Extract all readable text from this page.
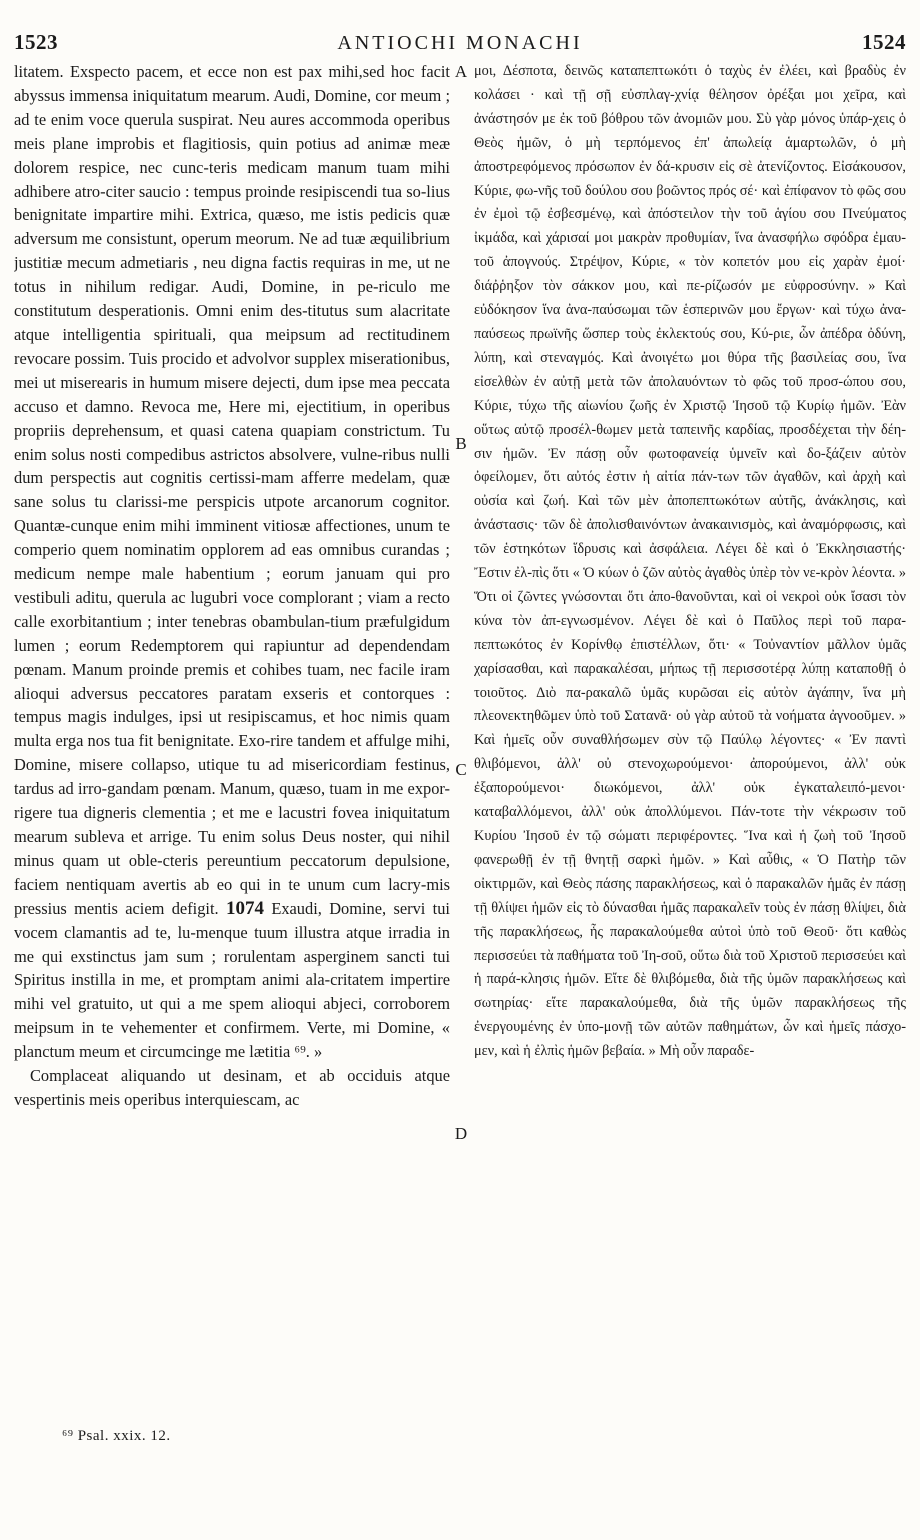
1523	ANTIOCHI MONACHI	1524

litatem. Exspecto pacem, et ecce non est pax mihi,sed hoc facit abyssus immensa iniquitatum mearum. Audi, Domine, cor meum ; ad te enim voce querula suspirat. Neu aures accommoda operibus meis plane improbis et flagitiosis, quin potius ad animæ meæ dolorem respice, nec cunc-teris medicam manum tuam mihi adhibere atro-citer saucio : tempus proinde resipiscendi tua so-lius benignitate impartire mihi. Extrica, quæso, me istis pedicis quæ adversum me consistunt, operum meorum. Ne ad tuæ æquilibrium justitiæ mecum admetiaris , neu digna factis requiras in me, ut ne totus in nihilum redigar. Audi, Domine, in pe-riculo me constitutum desperationis. Omni enim des-titutus sum alacritate atque intelligentia spirituali, qua meipsum ad rectitudinem revocare possim. Tuis procido et advolvor supplex miserationibus, mei ut miserearis in humum misere dejecti, dum ipse mea peccata accuso et damno. Revoca me, Here mi, ejectitium, in operibus propriis deprehensum, et quasi catena quapiam constrictum. Tu enim solus nosti compedibus astrictos absolvere, vulne-ribus nulli dum perspectis aut cognitis certissi-mam afferre medelam, quæ sane solus tu clarissi-me perspicis utpote arcanorum cognitor. Quantæ-cunque enim mihi imminent vitiosæ affectiones, unum te comperio quem nominatim opplorem ad eas omnibus curandas ; medicum nempe male habentium ; eorum januam qui pro vestibuli aditu, querula ac lugubri voce complorant ; viam a recto calle exorbitantium ; inter tenebras obambulan-tium præfulgidum lumen ; eorum Redemptorem qui rapiuntur ad dependendam pœnam. Manum proinde premis et cohibes tuam, nec facile iram alioqui adversus peccatores paratam exseris et contorques : tempus magis indulges, ipsi ut resipiscamus, et hoc nimis quam multa erga nos tua fit benignitate. Exo-rire tandem et affulge mihi, Domine, misere collapso, utique tu ad misericordiam festinus, tardus ad irro-gandam pœnam. Manum, quæso, tuam in me expor-rigere tua digneris clementia ; et me e lacustri fovea iniquitatum mearum subleva et arrige. Tu enim solus Deus noster, qui nihil minus quam ut oble-cteris pereuntium peccatorum depulsione, faciem nentiquam avertis ab eo qui in te unum cum lacry-mis pressius mentis aciem defigit. 1074 Exaudi, Domine, servi tui vocem clamantis ad te, lu-menque tuum illustra atque irradia in me qui exstinctus jam sum ; rorulentam asperginem sancti tui Spiritus instilla in me, et promptam animi ala-critatem impertire mihi vel gratuito, ut qui a me spem alioqui abjeci, corroborem meipsum in te vehementer et confirmem. Verte, mi Domine, « planctum meum et circumcinge me lætitia ⁶⁹. »

Complaceat aliquando ut desinam, et ab occiduis atque vespertinis meis operibus interquiescam, ac

A
B
C
D

μοι, Δέσποτα, δεινῶς καταπεπτωκότι ὁ ταχὺς ἐν ἐλέει, καὶ βραδὺς ἐν κολάσει · καὶ τῇ σῇ εὐσπλαγ-χνίᾳ θέλησον ὀρέξαι μοι χεῖρα, καὶ ἀνάστησόν με ἐκ τοῦ βόθρου τῶν ἀνομιῶν μου. Σὺ γὰρ μόνος ὑπάρ-χεις ὁ Θεὸς ἡμῶν, ὁ μὴ τερπόμενος ἐπ' ἀπωλείᾳ ἁμαρτωλῶν, ὁ μὴ ἀποστρεφόμενος πρόσωπον ἐν δά-κρυσιν εἰς σὲ ἀτενίζοντος. Εἰσάκουσον, Κύριε, φω-νῆς τοῦ δούλου σου βοῶντος πρός σέ· καὶ ἐπίφανον τὸ φῶς σου ἐν ἐμοὶ τῷ ἐσβεσμένῳ, καὶ ἀπόστειλον τὴν τοῦ ἁγίου σου Πνεύματος ἰκμάδα, καὶ χάρισαί μοι μακρὰν προθυμίαν, ἵνα ἀνασφήλω σφόδρα ἐμαυ-τοῦ ἀπογνούς. Στρέψον, Κύριε, « τὸν κοπετόν μου εἰς χαρὰν ἐμοί· διάῤῥηξον τὸν σάκκον μου, καὶ πε-ρίζωσόν με εὐφροσύνην. » Καὶ εὐδόκησον ἵνα ἀνα-παύσωμαι τῶν ἑσπερινῶν μου ἔργων· καὶ τύχω ἀνα-παύσεως πρωϊνῆς ὥσπερ τοὺς ἐκλεκτούς σου, Κύ-ριε, ὧν ἀπέδρα ὀδύνη, λύπη, καὶ στεναγμός. Καὶ ἀνοιγέτω μοι θύρα τῆς βασιλείας σου, ἵνα εἰσελθὼν ἐν αὐτῇ μετὰ τῶν ἀπολαυόντων τὸ φῶς τοῦ προσ-ώπου σου, Κύριε, τύχω τῆς αἰωνίου ζωῆς ἐν Χριστῷ Ἰησοῦ τῷ Κυρίῳ ἡμῶν. Ἐὰν οὕτως αὐτῷ προσέλ-θωμεν μετὰ ταπεινῆς καρδίας, προσδέχεται τὴν δέη-σιν ἡμῶν. Ἐν πάσῃ οὖν φωτοφανείᾳ ὑμνεῖν καὶ δο-ξάζειν αὐτὸν ὀφείλομεν, ὅτι αὐτός ἐστιν ἡ αἰτία πάν-των τῶν ἀγαθῶν, καὶ ἀρχὴ καὶ οὐσία καὶ ζωή. Καὶ τῶν μὲν ἀποπεπτωκότων αὐτῆς, ἀνάκλησις, καὶ ἀνάστασις· τῶν δὲ ἀπολισθαινόντων ἀνακαινισμὸς, καὶ ἀναμόρφωσις, καὶ τῶν ἑστηκότων ἵδρυσις καὶ ἀσφάλεια. Λέγει δὲ καὶ ὁ Ἐκκλησιαστής· Ἔστιν ἐλ-πὶς ὅτι « Ὁ κύων ὁ ζῶν αὐτὸς ἀγαθὸς ὑπὲρ τὸν νε-κρὸν λέοντα. » Ὅτι οἱ ζῶντες γνώσονται ὅτι ἀπο-θανοῦνται, καὶ οἱ νεκροὶ οὐκ ἴσασι τὸν κύνα τὸν ἀπ-εγνωσμένον. Λέγει δὲ καὶ ὁ Παῦλος περὶ τοῦ παρα-πεπτωκότος ἐν Κορίνθῳ ἐπιστέλλων, ὅτι· « Τοὐναντίον μᾶλλον ὑμᾶς χαρίσασθαι, καὶ παρακαλέσαι, μήπως τῇ περισσοτέρᾳ λύπῃ καταποθῇ ὁ τοιοῦτος. Διὸ πα-ρακαλῶ ὑμᾶς κυρῶσαι εἰς αὐτὸν ἀγάπην, ἵνα μὴ πλεονεκτηθῶμεν ὑπὸ τοῦ Σατανᾶ· οὐ γὰρ αὐτοῦ τὰ νοήματα ἀγνοοῦμεν. » Καὶ ἡμεῖς οὖν συναθλήσωμεν σὺν τῷ Παύλῳ λέγοντες· « Ἐν παντὶ θλιβόμενοι, ἀλλ' οὐ στενοχωρούμενοι· ἀπορούμενοι, ἀλλ' οὐκ ἐξαπορούμενοι· διωκόμενοι, ἀλλ' οὐκ ἐγκαταλειπό-μενοι· καταβαλλόμενοι, ἀλλ' οὐκ ἀπολλύμενοι. Πάν-τοτε τὴν νέκρωσιν τοῦ Κυρίου Ἰησοῦ ἐν τῷ σώματι περιφέροντες. Ἵνα καὶ ἡ ζωὴ τοῦ Ἰησοῦ φανερωθῇ ἐν τῇ θνητῇ σαρκὶ ἡμῶν. » Καὶ αὖθις, « Ὁ Πατὴρ τῶν οἰκτιρμῶν, καὶ Θεὸς πάσης παρακλήσεως, καὶ ὁ παρακαλῶν ἡμᾶς ἐν πάσῃ τῇ θλίψει ἡμῶν εἰς τὸ δύνασθαι ἡμᾶς παρακαλεῖν τοὺς ἐν πάσῃ θλίψει, διὰ τῆς παρακλήσεως, ἧς παρακαλούμεθα αὐτοὶ ὑπὸ τοῦ Θεοῦ· ὅτι καθὼς περισσεύει τὰ παθήματα τοῦ Ἰη-σοῦ, οὕτω διὰ τοῦ Χριστοῦ περισσεύει καὶ ἡ παρά-κλησις ἡμῶν. Εἴτε δὲ θλιβόμεθα, διὰ τῆς ὑμῶν παρακλήσεως καὶ σωτηρίας· εἴτε παρακαλούμεθα, διὰ τῆς ὑμῶν παρακλήσεως τῆς ἐνεργουμένης ἐν ὑπο-μονῇ τῶν αὐτῶν παθημάτων, ὧν καὶ ἡμεῖς πάσχο-μεν, καὶ ἡ ἐλπὶς ἡμῶν βεβαία. » Μὴ οὖν παραδε-

⁶⁹ Psal. xxix. 12.
